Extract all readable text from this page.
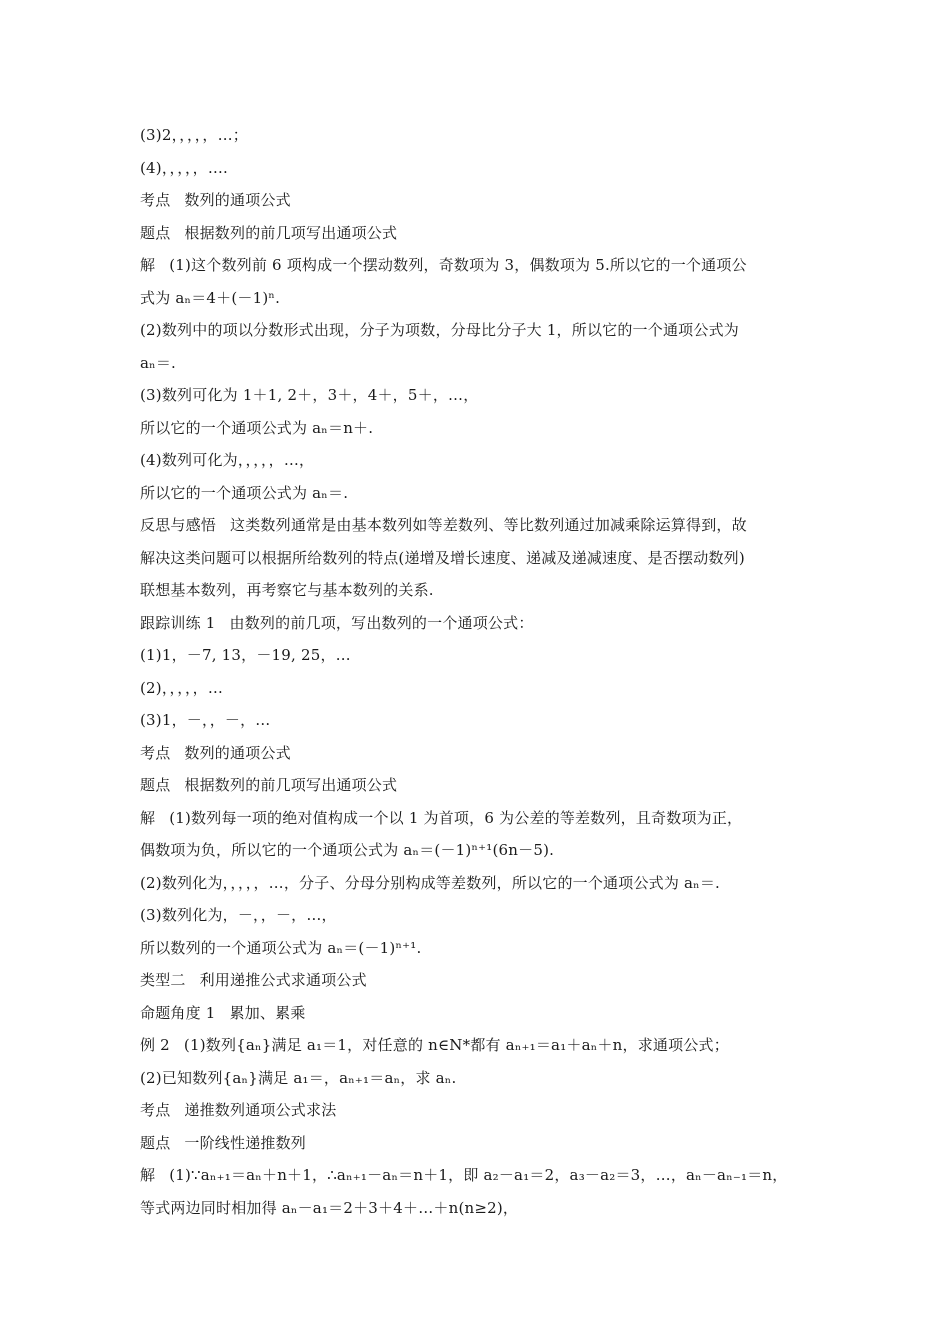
(3)2，，，，，…；
(4)，，，，，….
考点 数列的通项公式
题点 根据数列的前几项写出通项公式
解 (1)这个数列前 6 项构成一个摆动数列，奇数项为 3，偶数项为 5.所以它的一个通项公
式为 aₙ＝4＋(－1)ⁿ.
(2)数列中的项以分数形式出现，分子为项数，分母比分子大 1，所以它的一个通项公式为
aₙ＝.
(3)数列可化为 1＋1, 2＋，3＋，4＋，5＋，…，
所以它的一个通项公式为 aₙ＝n＋.
(4)数列可化为，，，，，…，
所以它的一个通项公式为 aₙ＝.
反思与感悟 这类数列通常是由基本数列如等差数列、等比数列通过加减乘除运算得到，故
解决这类问题可以根据所给数列的特点(递增及增长速度、递减及递减速度、是否摆动数列)
联想基本数列，再考察它与基本数列的关系.
跟踪训练 1 由数列的前几项，写出数列的一个通项公式：
(1)1，－7, 13，－19, 25，…
(2)，，，，，…
(3)1，－，，－，…
考点 数列的通项公式
题点 根据数列的前几项写出通项公式
解 (1)数列每一项的绝对值构成一个以 1 为首项，6 为公差的等差数列，且奇数项为正，
偶数项为负，所以它的一个通项公式为 aₙ＝(－1)ⁿ⁺¹(6n－5).
(2)数列化为，，，，，…，分子、分母分别构成等差数列，所以它的一个通项公式为 aₙ＝.
(3)数列化为，－，，－，…，
所以数列的一个通项公式为 aₙ＝(－1)ⁿ⁺¹.
类型二 利用递推公式求通项公式
命题角度 1 累加、累乘
例 2 (1)数列{aₙ}满足 a₁＝1，对任意的 n∈N*都有 aₙ₊₁＝a₁＋aₙ＋n，求通项公式；
(2)已知数列{aₙ}满足 a₁＝，aₙ₊₁＝aₙ，求 aₙ.
考点 递推数列通项公式求法
题点 一阶线性递推数列
解 (1)∵aₙ₊₁＝aₙ＋n＋1，∴aₙ₊₁－aₙ＝n＋1，即 a₂－a₁＝2，a₃－a₂＝3，…，aₙ－aₙ₋₁＝n，
等式两边同时相加得 aₙ－a₁＝2＋3＋4＋…＋n(n≥2)，
